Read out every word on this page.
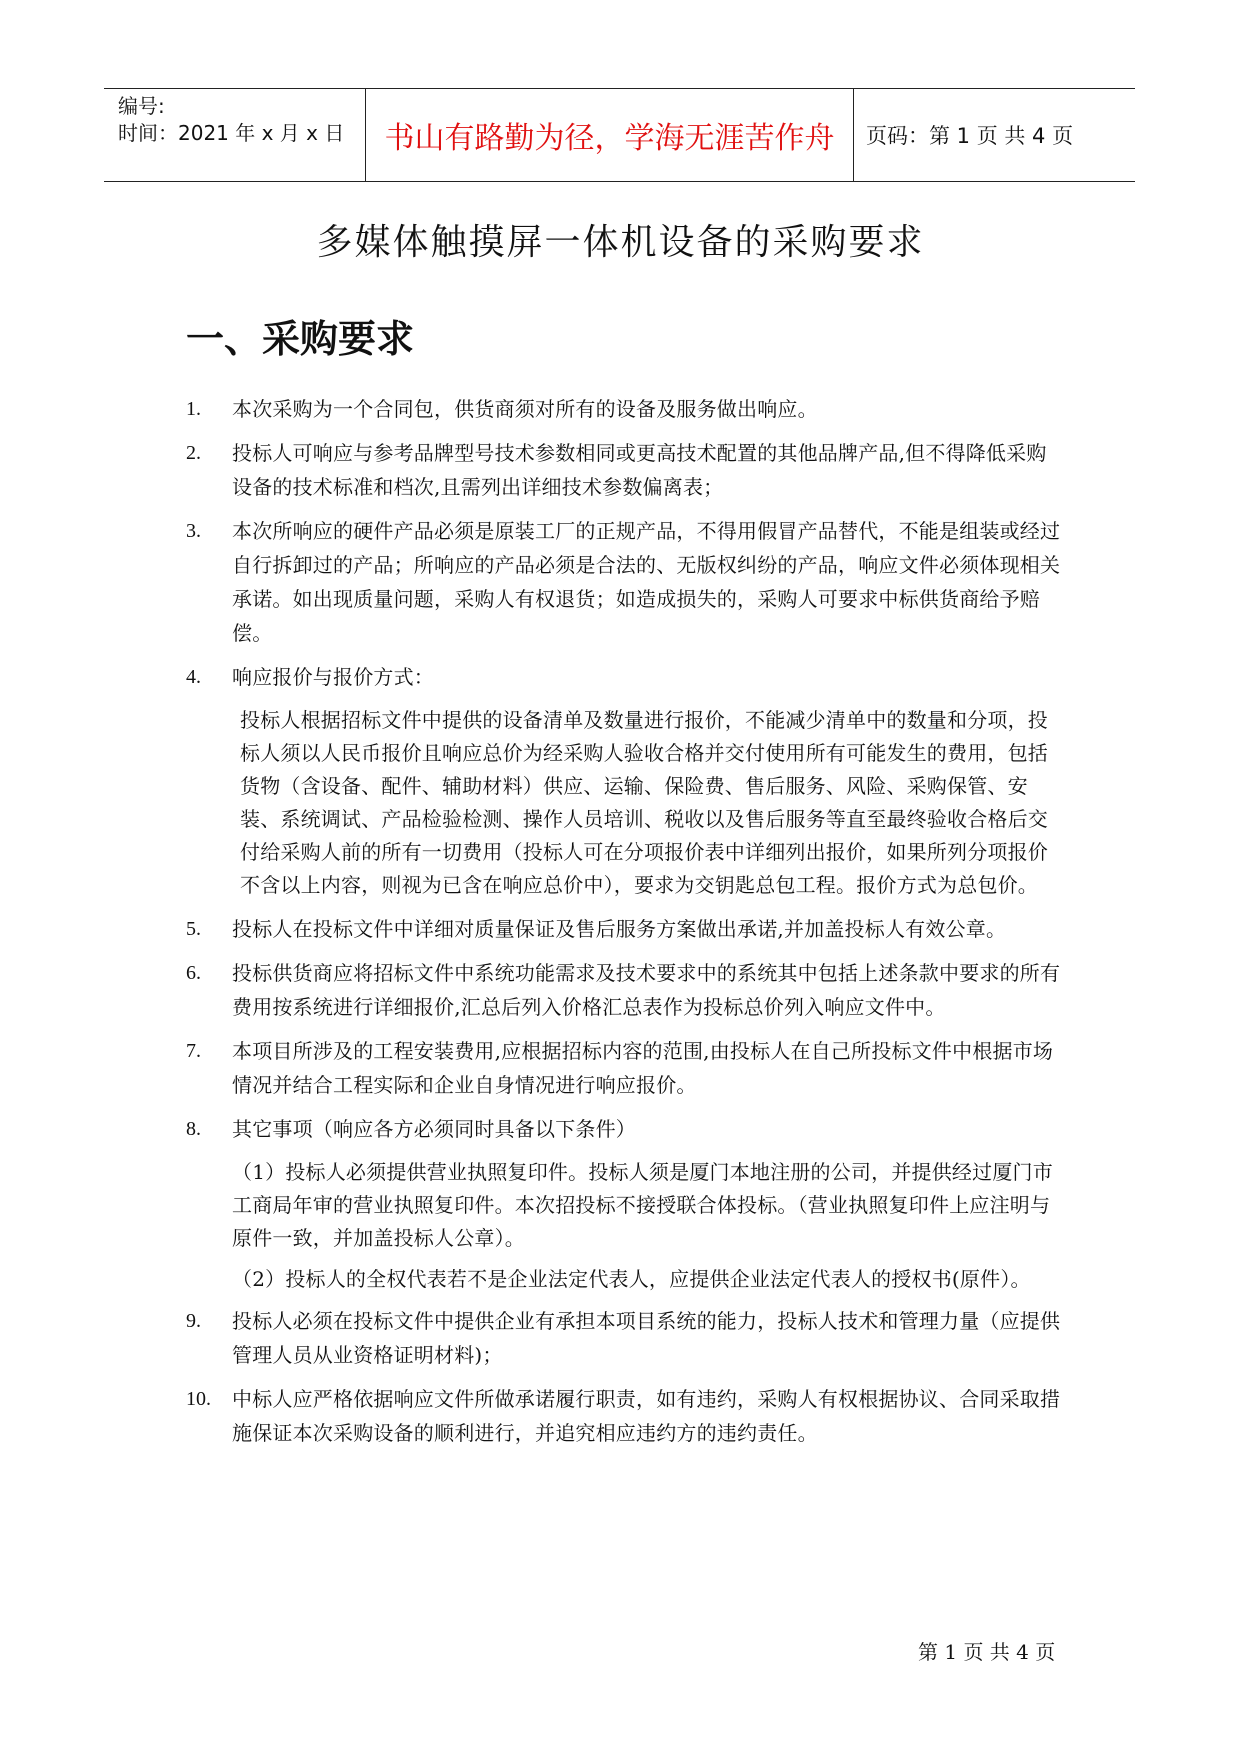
编号:
时间：2021 年 x 月 x 日	书山有路勤为径，学海无涯苦作舟	页码：第 1 页 共 4 页
多媒体触摸屏一体机设备的采购要求
一、采购要求
1.	本次采购为一个合同包，供货商须对所有的设备及服务做出响应。
2.	投标人可响应与参考品牌型号技术参数相同或更高技术配置的其他品牌产品,但不得降低采购设备的技术标准和档次,且需列出详细技术参数偏离表；
3.	本次所响应的硬件产品必须是原装工厂的正规产品，不得用假冒产品替代，不能是组装或经过自行拆卸过的产品；所响应的产品必须是合法的、无版权纠纷的产品，响应文件必须体现相关承诺。如出现质量问题，采购人有权退货；如造成损失的，采购人可要求中标供货商给予赔偿。
4.	响应报价与报价方式：
投标人根据招标文件中提供的设备清单及数量进行报价，不能减少清单中的数量和分项，投标人须以人民币报价且响应总价为经采购人验收合格并交付使用所有可能发生的费用，包括货物（含设备、配件、辅助材料）供应、运输、保险费、售后服务、风险、采购保管、安装、系统调试、产品检验检测、操作人员培训、税收以及售后服务等直至最终验收合格后交付给采购人前的所有一切费用（投标人可在分项报价表中详细列出报价，如果所列分项报价不含以上内容，则视为已含在响应总价中），要求为交钥匙总包工程。报价方式为总包价。
5.	投标人在投标文件中详细对质量保证及售后服务方案做出承诺,并加盖投标人有效公章。
6.	投标供货商应将招标文件中系统功能需求及技术要求中的系统其中包括上述条款中要求的所有费用按系统进行详细报价,汇总后列入价格汇总表作为投标总价列入响应文件中。
7.	本项目所涉及的工程安装费用,应根据招标内容的范围,由投标人在自己所投标文件中根据市场情况并结合工程实际和企业自身情况进行响应报价。
8.	其它事项（响应各方必须同时具备以下条件）
（1）投标人必须提供营业执照复印件。投标人须是厦门本地注册的公司，并提供经过厦门市工商局年审的营业执照复印件。本次招投标不接授联合体投标。（营业执照复印件上应注明与原件一致，并加盖投标人公章）。
（2）投标人的全权代表若不是企业法定代表人，应提供企业法定代表人的授权书(原件）。
9.	投标人必须在投标文件中提供企业有承担本项目系统的能力，投标人技术和管理力量（应提供管理人员从业资格证明材料)；
10.	中标人应严格依据响应文件所做承诺履行职责，如有违约，采购人有权根据协议、合同采取措施保证本次采购设备的顺利进行，并追究相应违约方的违约责任。
第 1 页 共 4 页
